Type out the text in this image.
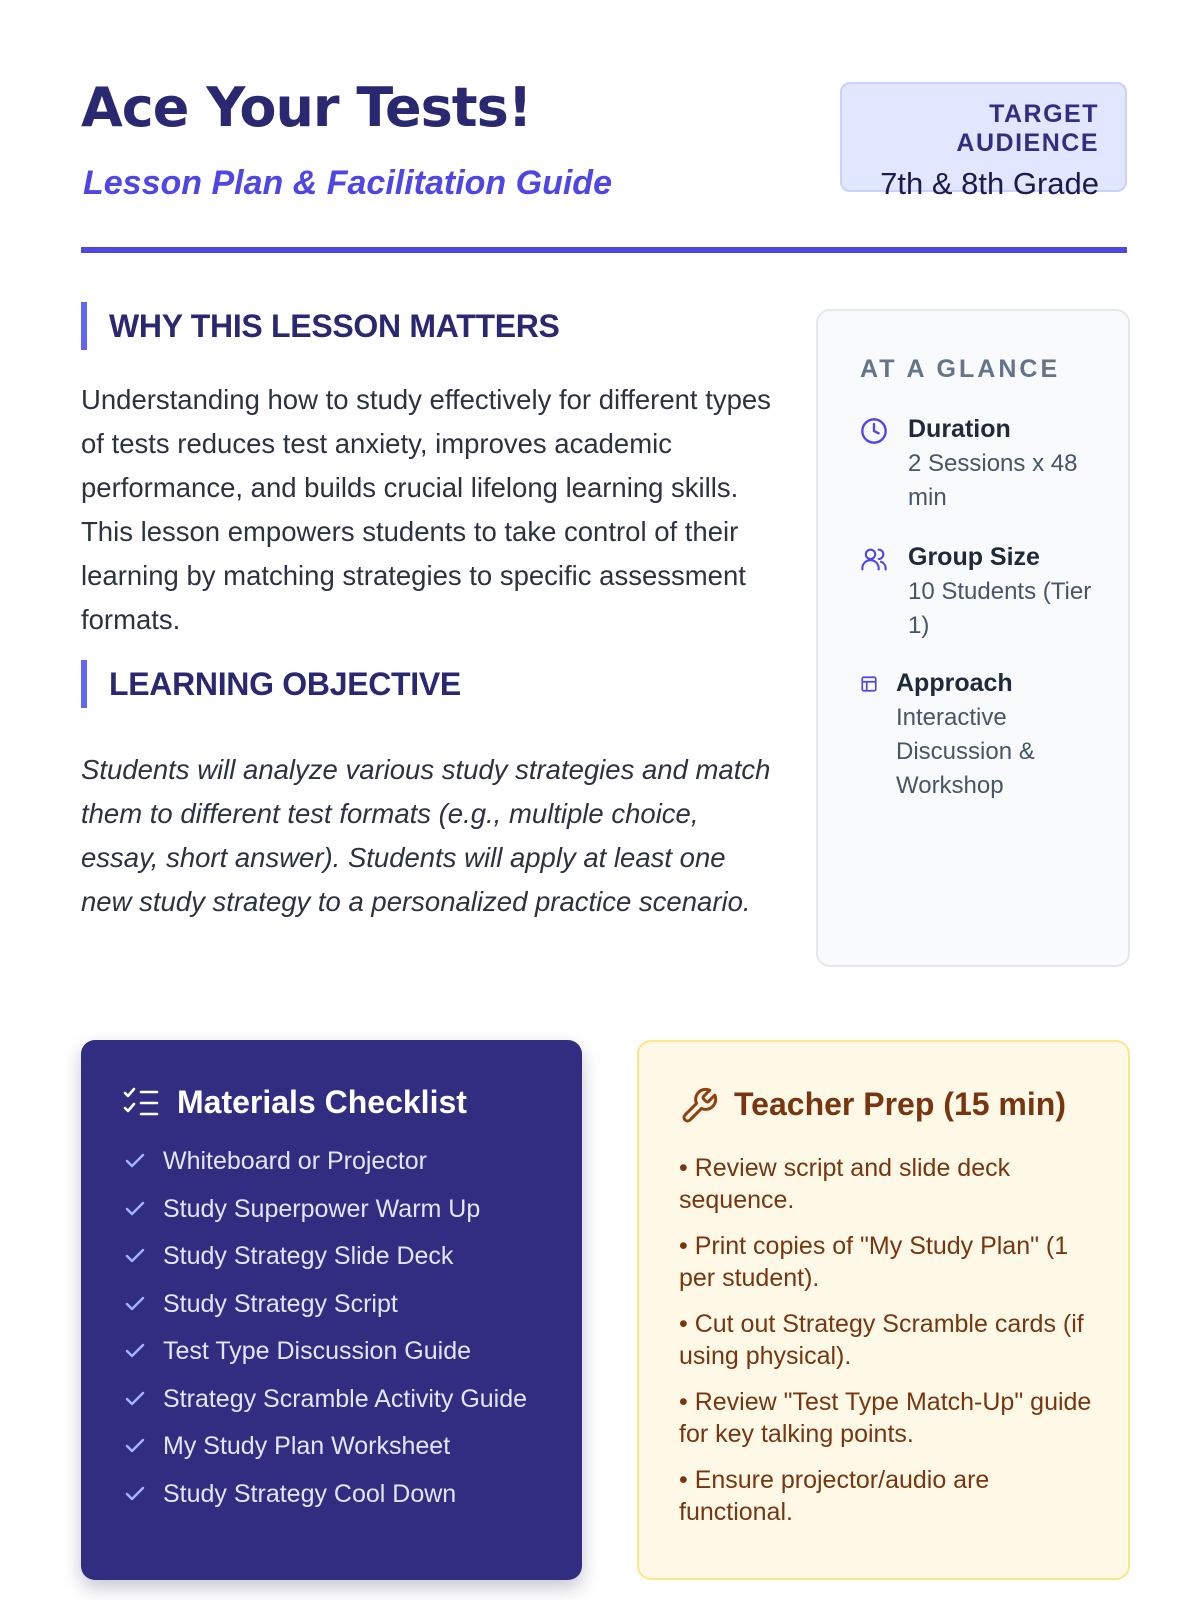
Ace Your Tests!
Lesson Plan & Facilitation Guide
TARGET AUDIENCE
7th & 8th Grade
WHY THIS LESSON MATTERS

Understanding how to study effectively for different types of tests reduces test anxiety, improves academic performance, and builds crucial lifelong learning skills. This lesson empowers students to take control of their learning by matching strategies to specific assessment formats.

LEARNING OBJECTIVE

Students will analyze various study strategies and match them to different test formats (e.g., multiple choice, essay, short answer). Students will apply at least one new study strategy to a personalized practice scenario.

AT A GLANCE
Duration
2 Sessions x 48 min
Group Size
10 Students (Tier 1)
Approach
Interactive Discussion & Workshop
Materials Checklist
Whiteboard or Projector
Study Superpower Warm Up
Study Strategy Slide Deck
Study Strategy Script
Test Type Discussion Guide
Strategy Scramble Activity Guide
My Study Plan Worksheet
Study Strategy Cool Down
Teacher Prep (15 min)
• Review script and slide deck sequence.
• Print copies of "My Study Plan" (1 per student).
• Cut out Strategy Scramble cards (if using physical).
• Review "Test Type Match-Up" guide for key talking points.
• Ensure projector/audio are functional.
